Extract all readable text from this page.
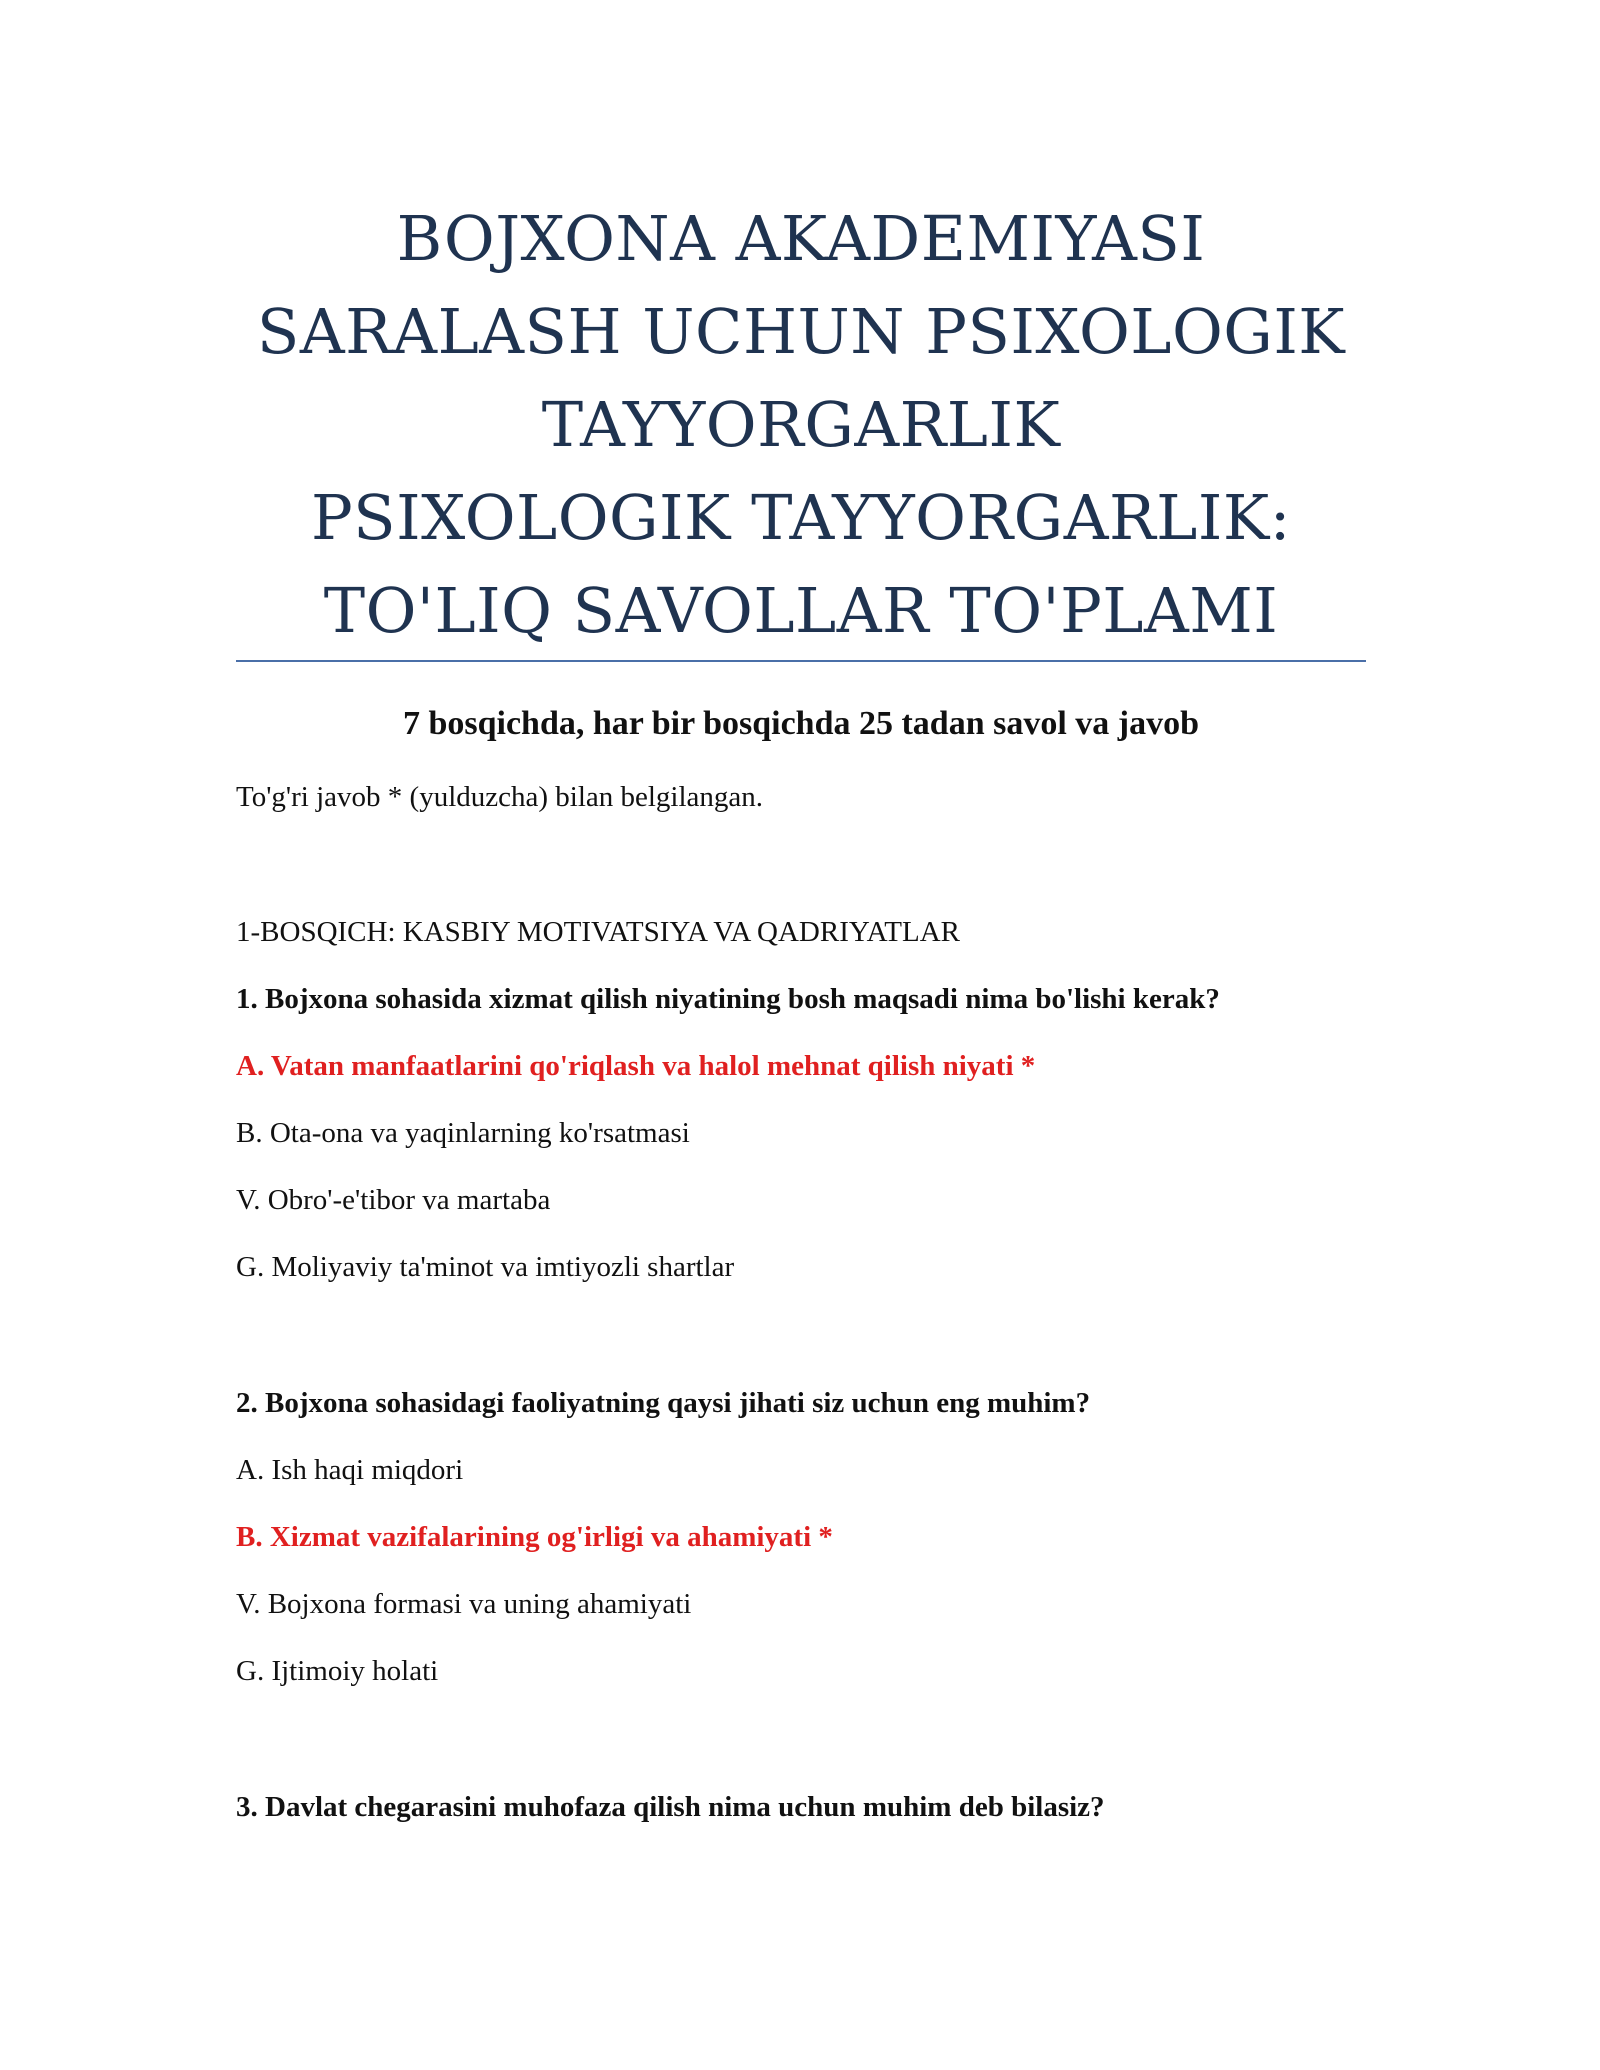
BOJXONA AKADEMIYASI
SARALASH UCHUN PSIXOLOGIK
TAYYORGARLIK
PSIXOLOGIK TAYYORGARLIK:
TO'LIQ SAVOLLAR TO'PLAMI
7 bosqichda, har bir bosqichda 25 tadan savol va javob
To'g'ri javob * (yulduzcha) bilan belgilangan.
1-BOSQICH: KASBIY MOTIVATSIYA VA QADRIYATLAR
1. Bojxona sohasida xizmat qilish niyatining bosh maqsadi nima bo'lishi kerak?
A. Vatan manfaatlarini qo'riqlash va halol mehnat qilish niyati *
B. Ota-ona va yaqinlarning ko'rsatmasi
V. Obro'-e'tibor va martaba
G. Moliyaviy ta'minot va imtiyozli shartlar
2. Bojxona sohasidagi faoliyatning qaysi jihati siz uchun eng muhim?
A. Ish haqi miqdori
B. Xizmat vazifalarining og'irligi va ahamiyati *
V. Bojxona formasi va uning ahamiyati
G. Ijtimoiy holati
3. Davlat chegarasini muhofaza qilish nima uchun muhim deb bilasiz?
